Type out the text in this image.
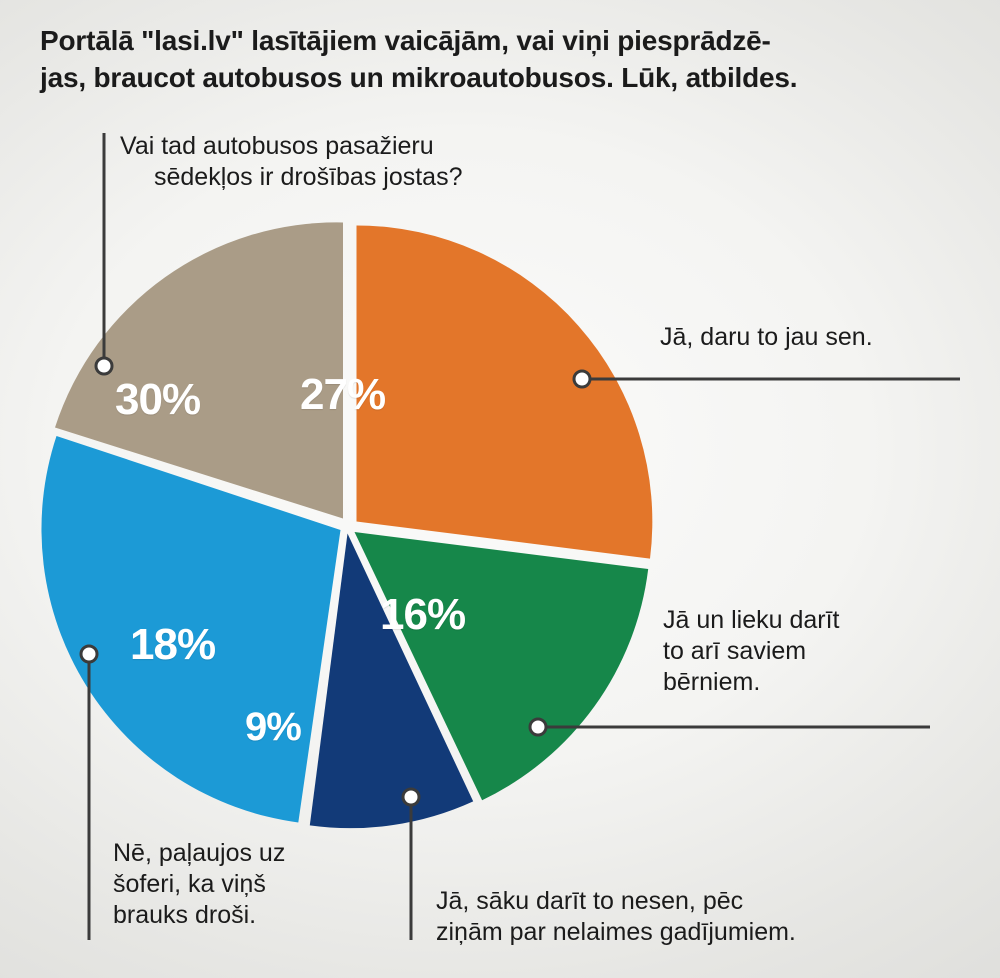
Portālā "lasi.lv" lasītājiem vaicājām, vai viņi piesprādzē-
jas, braucot autobusos un mikroautobusos. Lūk, atbildes.
27%
16%
9%
18%
30%
Vai tad autobusos pasažieru
sēdekļos ir drošības jostas?
Jā, daru to jau sen.
Jā un lieku darīt
to arī saviem
bērniem.
Jā, sāku darīt to nesen, pēc
ziņām par nelaimes gadījumiem.
Nē, paļaujos uz
šoferi, ka viņš
brauks droši.
